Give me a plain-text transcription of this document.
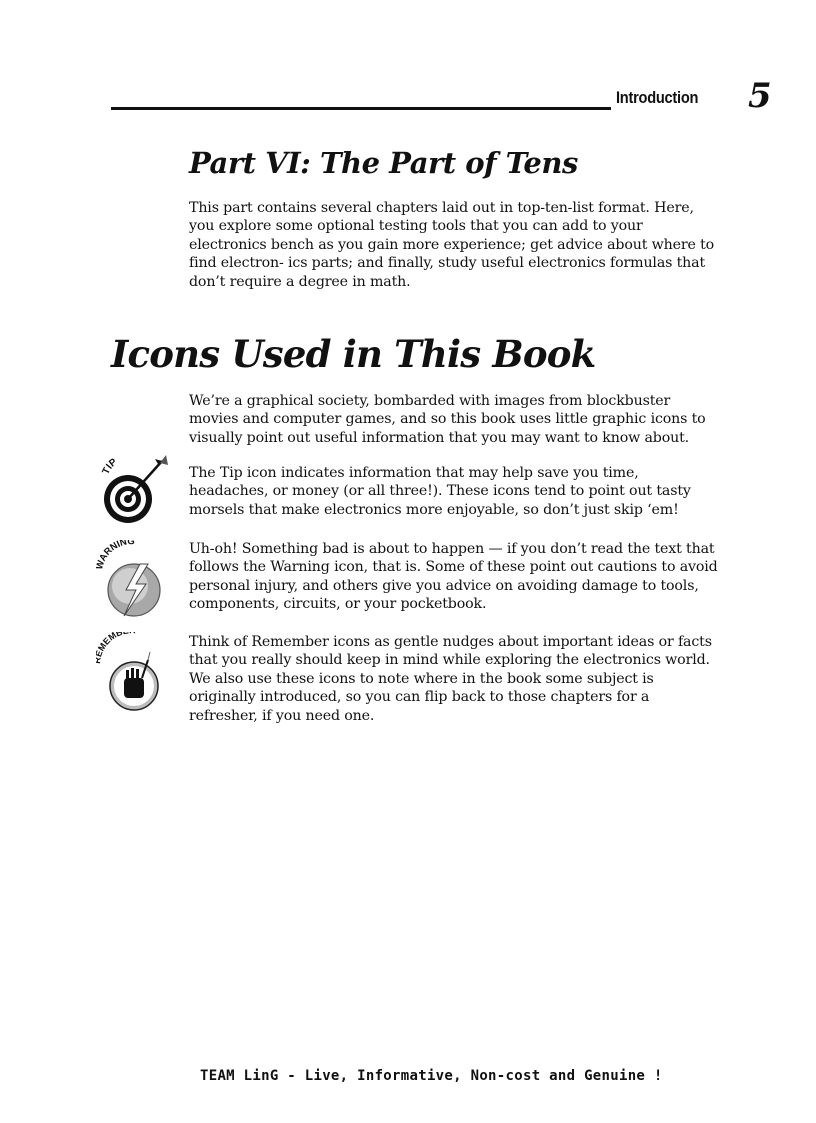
Introduction 5
Part VI: The Part of Tens

This part contains several chapters laid out in top-ten-list format. Here, you explore some optional testing tools that you can add to your electronics bench as you gain more experience; get advice about where to find electron- ics parts; and finally, study useful electronics formulas that don’t require a degree in math.

Icons Used in This Book

We’re a graphical society, bombarded with images from blockbuster movies and computer games, and so this book uses little graphic icons to visually point out useful information that you may want to know about.

TIP

The Tip icon indicates information that may help save you time, headaches, or money (or all three!). These icons tend to point out tasty morsels that make electronics more enjoyable, so don’t just skip ‘em!

ARNING	Uh-oh! Something bad is about to happen — if you don’t read the text that follows the Warning icon, that is. Some of these point out cautions to avoid personal injury, and others give you advice on avoiding damage to tools, components, circuits, or your pocketbook.

MEMB

Think of Remember icons as gentle nudges about important ideas or facts that you really should keep in mind while exploring the electronics world. We also use these icons to note where in the book some subject is originally introduced, so you can flip back to those chapters for a refresher, if you need one.

TEAM LinG - Live, Informative, Non-cost and Genuine !
